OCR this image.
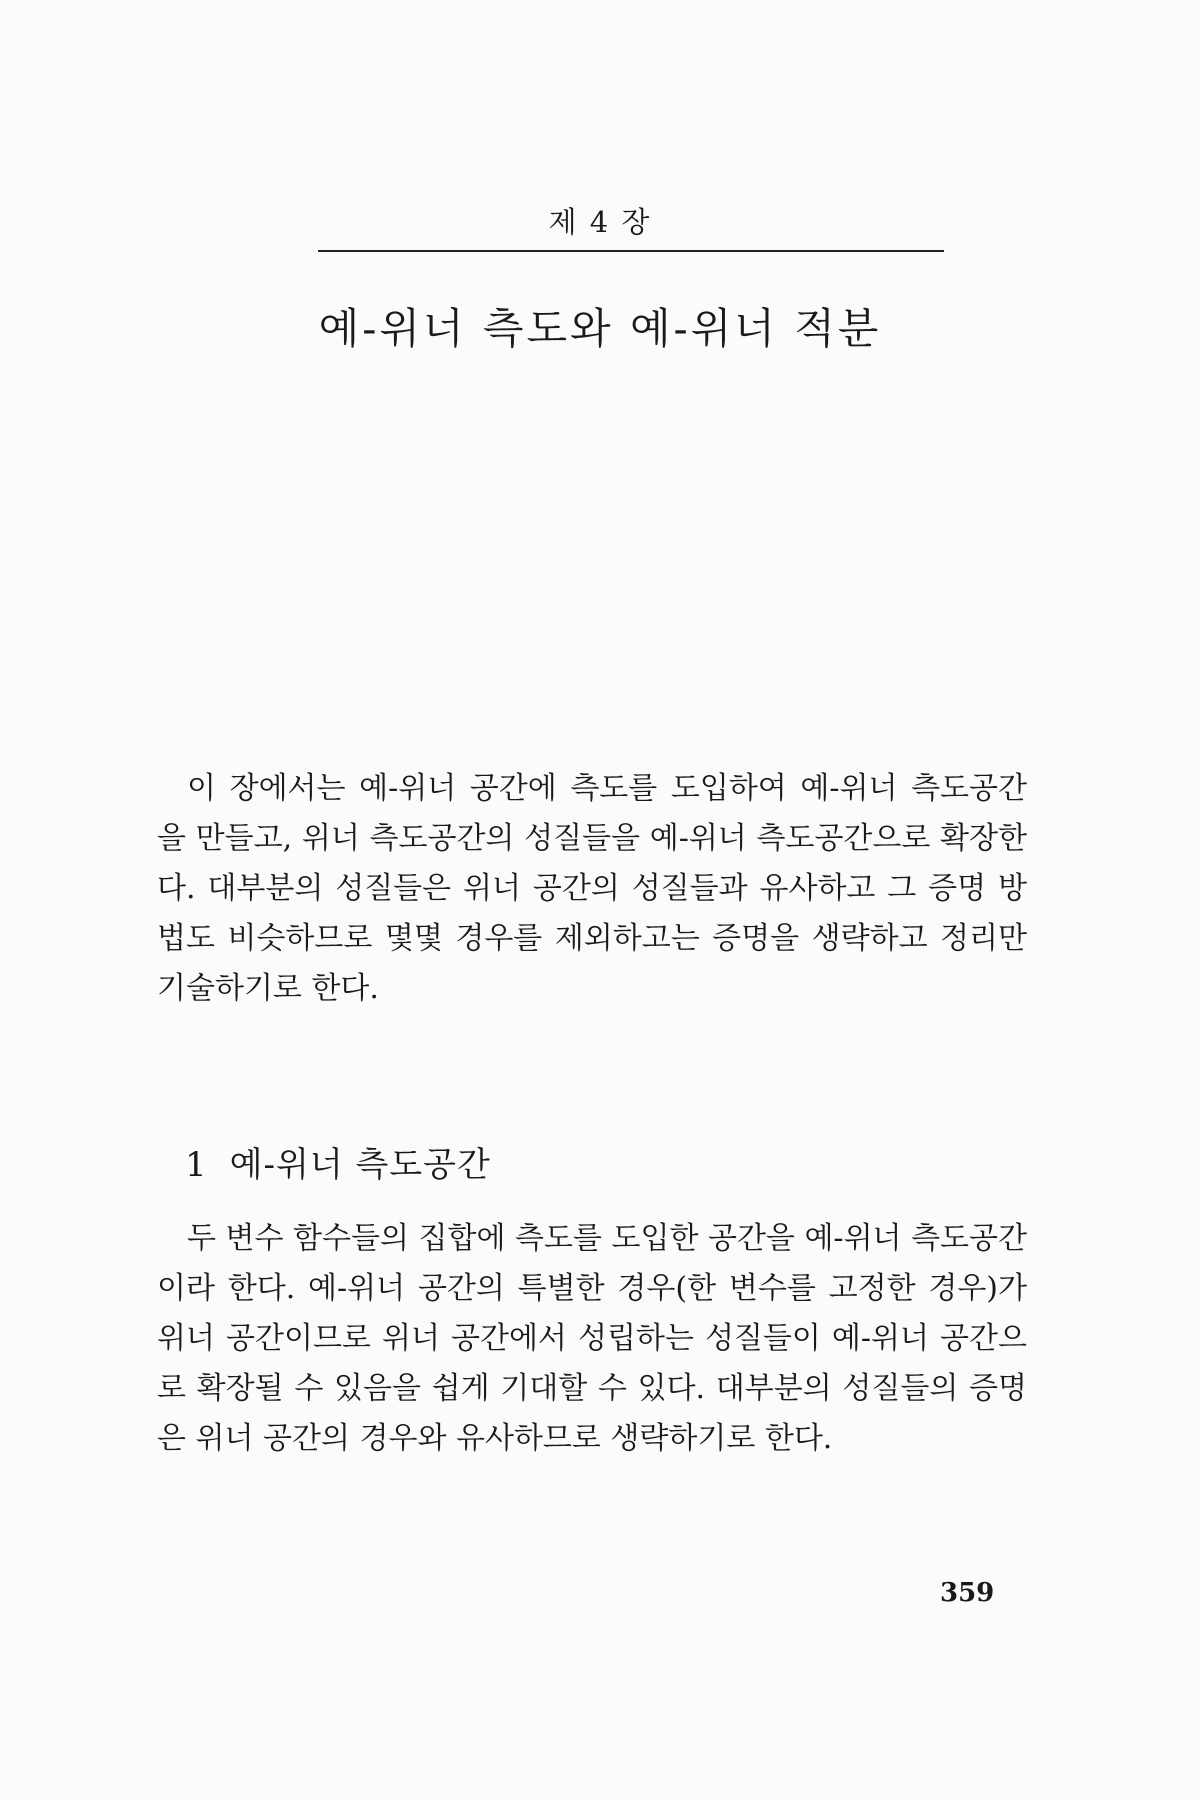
제 4 장
예-위너 측도와 예-위너 적분

이 장에서는 예-위너 공간에 측도를 도입하여 예-위너 측도공간을 만들고, 위너 측도공간의 성질들을 예-위너 측도공간으로 확장한다. 대부분의 성질들은 위너 공간의 성질들과 유사하고 그 증명 방법도 비슷하므로 몇몇 경우를 제외하고는 증명을 생략하고 정리만 기술하기로 한다.

1 예-위너 측도공간

두 변수 함수들의 집합에 측도를 도입한 공간을 예-위너 측도공간이라 한다. 예-위너 공간의 특별한 경우(한 변수를 고정한 경우)가 위너 공간이므로 위너 공간에서 성립하는 성질들이 예-위너 공간으로 확장될 수 있음을 쉽게 기대할 수 있다. 대부분의 성질들의 증명은 위너 공간의 경우와 유사하므로 생략하기로 한다.

359
